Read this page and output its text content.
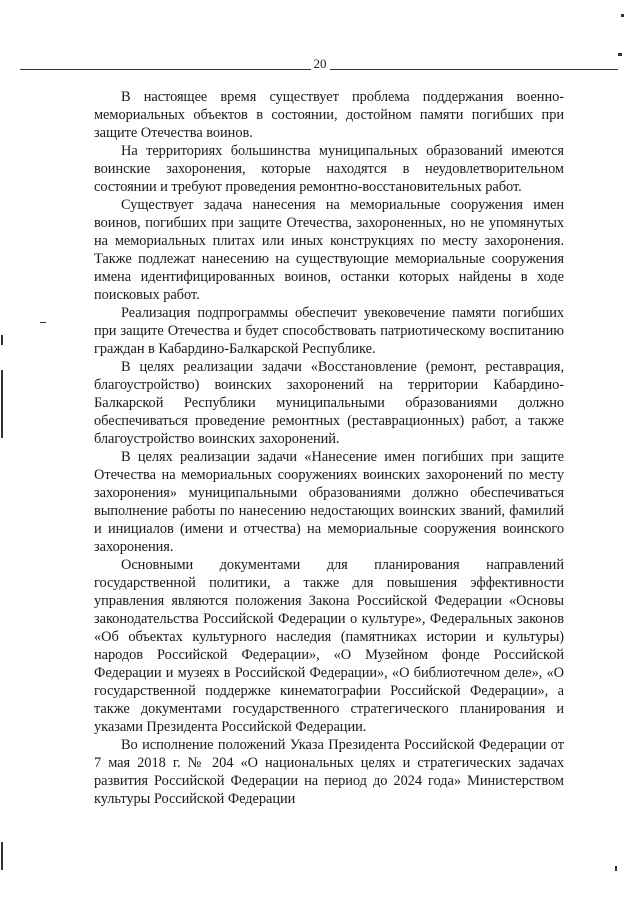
20

В настоящее время существует проблема поддержания военно-мемориальных объектов в состоянии, достойном памяти погибших при защите Отечества воинов.

На территориях большинства муниципальных образований имеются воинские захоронения, которые находятся в неудовлетворительном состоянии и требуют проведения ремонтно-восстановительных работ.

Существует задача нанесения на мемориальные сооружения имен воинов, погибших при защите Отечества, захороненных, но не упомянутых на мемориальных плитах или иных конструкциях по месту захоронения. Также подлежат нанесению на существующие мемориальные сооружения имена идентифицированных воинов, останки которых найдены в ходе поисковых работ.

Реализация подпрограммы обеспечит увековечение памяти погибших при защите Отечества и будет способствовать патриотическому воспитанию граждан в Кабардино-Балкарской Республике.

В целях реализации задачи «Восстановление (ремонт, реставрация, благоустройство) воинских захоронений на территории Кабардино-Балкарской Республики муниципальными образованиями должно обеспечиваться проведение ремонтных (реставрационных) работ, а также благоустройство воинских захоронений.

В целях реализации задачи «Нанесение имен погибших при защите Отечества на мемориальных сооружениях воинских захоронений по месту захоронения» муниципальными образованиями должно обеспечиваться выполнение работы по нанесению недостающих воинских званий, фамилий и инициалов (имени и отчества) на мемориальные сооружения воинского захоронения.

Основными документами для планирования направлений государственной политики, а также для повышения эффективности управления являются положения Закона Российской Федерации «Основы законодательства Российской Федерации о культуре», Федеральных законов «Об объектах культурного наследия (памятниках истории и культуры) народов Российской Федерации», «О Музейном фонде Российской Федерации и музеях в Российской Федерации», «О библиотечном деле», «О государственной поддержке кинематографии Российской Федерации», а также документами государственного стратегического планирования и указами Президента Российской Федерации.

Во исполнение положений Указа Президента Российской Федерации от 7 мая 2018 г. № 204 «О национальных целях и стратегических задачах развития Российской Федерации на период до 2024 года» Министерством культуры Российской Федерации
